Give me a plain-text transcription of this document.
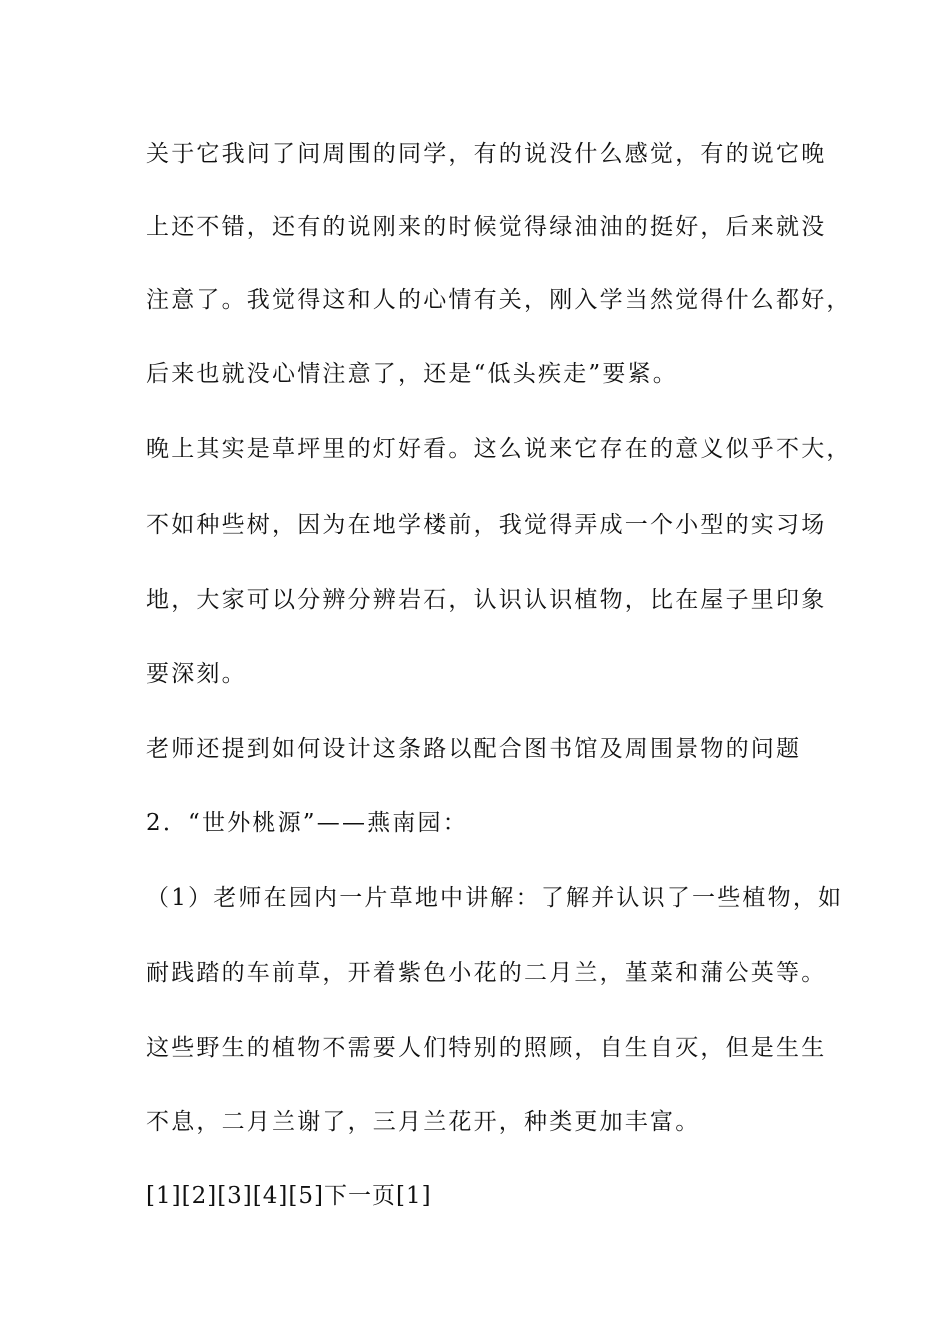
关于它我问了问周围的同学，有的说没什么感觉，有的说它晚
上还不错，还有的说刚来的时候觉得绿油油的挺好，后来就没
注意了。我觉得这和人的心情有关，刚入学当然觉得什么都好，
后来也就没心情注意了，还是“低头疾走”要紧。
晚上其实是草坪里的灯好看。这么说来它存在的意义似乎不大，
不如种些树，因为在地学楼前，我觉得弄成一个小型的实习场
地，大家可以分辨分辨岩石，认识认识植物，比在屋子里印象
要深刻。
老师还提到如何设计这条路以配合图书馆及周围景物的问题
2．“世外桃源”——燕南园：
（1）老师在园内一片草地中讲解：了解并认识了一些植物，如
耐践踏的车前草，开着紫色小花的二月兰，堇菜和蒲公英等。
这些野生的植物不需要人们特别的照顾，自生自灭，但是生生
不息，二月兰谢了，三月兰花开，种类更加丰富。
[1] [2] [3] [4] [5] 下一页 [1]
